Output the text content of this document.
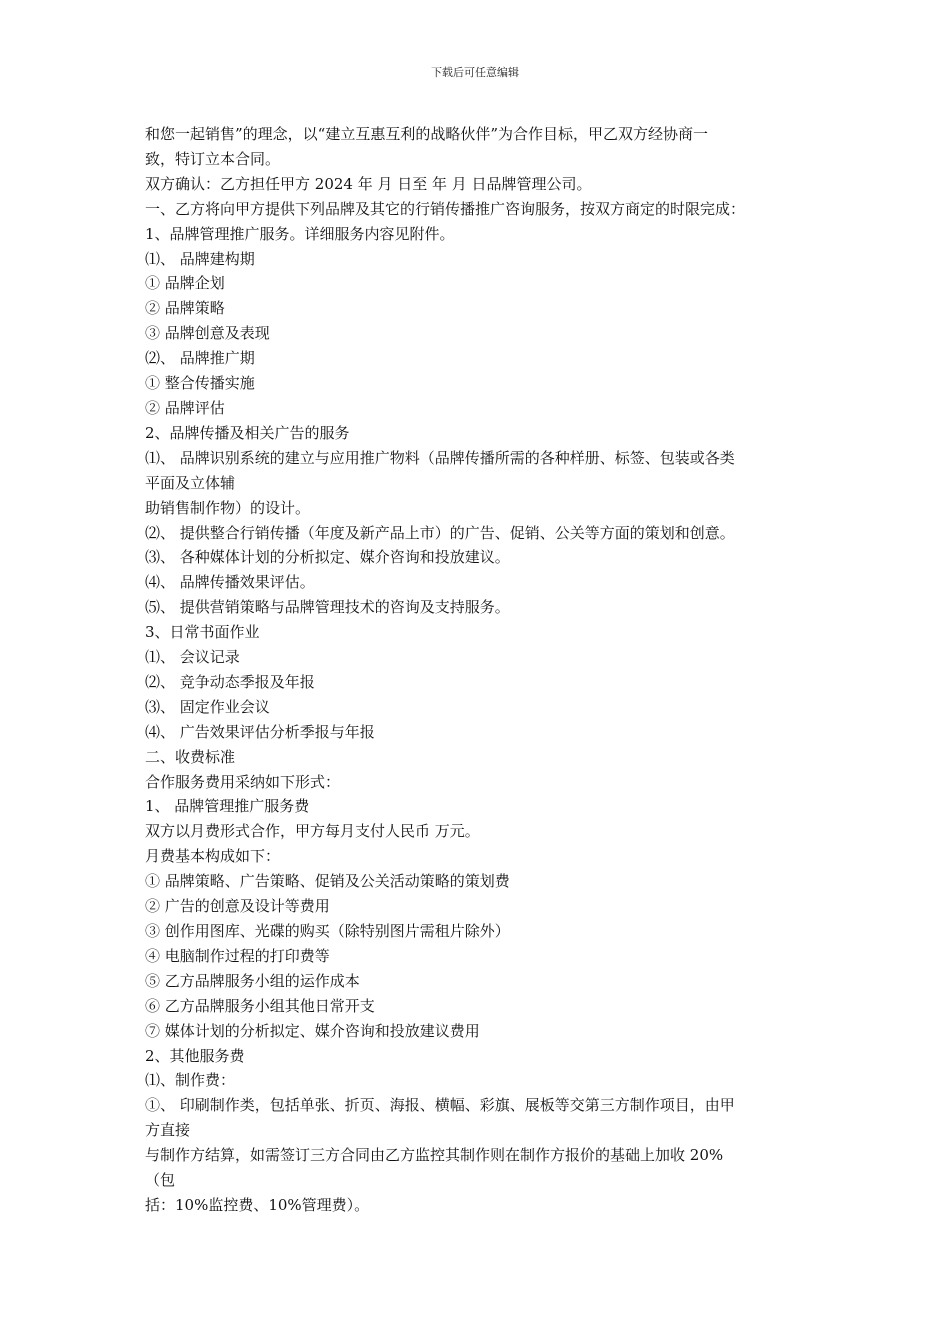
下载后可任意编辑

和您一起销售”的理念，以“建立互惠互利的战略伙伴”为合作目标，甲乙双方经协商一

致，特订立本合同。

双方确认：乙方担任甲方 2024 年 月 日至 年 月 日品牌管理公司。

一、乙方将向甲方提供下列品牌及其它的行销传播推广咨询服务，按双方商定的时限完成：

1、品牌管理推广服务。详细服务内容见附件。

⑴、 品牌建构期

① 品牌企划

② 品牌策略

③ 品牌创意及表现

⑵、 品牌推广期

① 整合传播实施

② 品牌评估

2、品牌传播及相关广告的服务

⑴、 品牌识别系统的建立与应用推广物料（品牌传播所需的各种样册、标签、包装或各类

平面及立体辅

助销售制作物）的设计。

⑵、 提供整合行销传播（年度及新产品上市）的广告、促销、公关等方面的策划和创意。

⑶、 各种媒体计划的分析拟定、媒介咨询和投放建议。

⑷、 品牌传播效果评估。

⑸、 提供营销策略与品牌管理技术的咨询及支持服务。

3、日常书面作业

⑴、 会议记录

⑵、 竞争动态季报及年报

⑶、 固定作业会议

⑷、 广告效果评估分析季报与年报

二、收费标准

合作服务费用采纳如下形式：

1、 品牌管理推广服务费

双方以月费形式合作，甲方每月支付人民币 万元。

月费基本构成如下：

① 品牌策略、广告策略、促销及公关活动策略的策划费

② 广告的创意及设计等费用

③ 创作用图库、光碟的购买（除特别图片需租片除外）

④ 电脑制作过程的打印费等

⑤ 乙方品牌服务小组的运作成本

⑥ 乙方品牌服务小组其他日常开支

⑦ 媒体计划的分析拟定、媒介咨询和投放建议费用

2、其他服务费

⑴、制作费：

①、 印刷制作类，包括单张、折页、海报、横幅、彩旗、展板等交第三方制作项目，由甲

方直接

与制作方结算，如需签订三方合同由乙方监控其制作则在制作方报价的基础上加收 20%

（包

括：10%监控费、10%管理费）。
